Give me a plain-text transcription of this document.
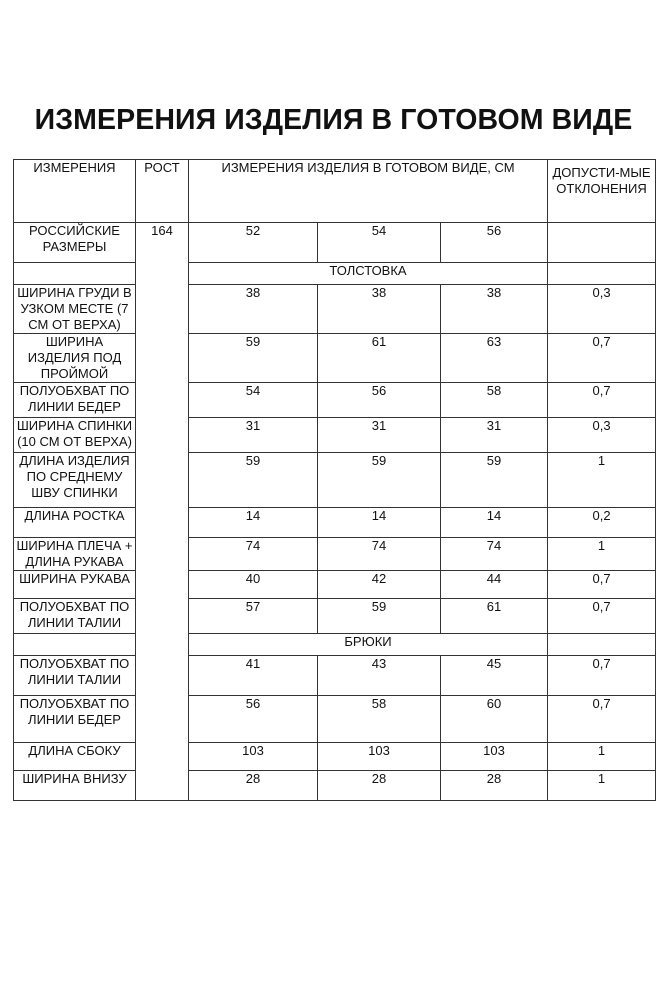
ИЗМЕРЕНИЯ ИЗДЕЛИЯ В ГОТОВОМ ВИДЕ
ИЗМЕРЕНИЯ	РОСТ	ИЗМЕРЕНИЯ ИЗДЕЛИЯ В ГОТОВОМ ВИДЕ, СМ			ДОПУСТИ-МЫЕ ОТКЛОНЕНИЯ
РОССИЙСКИЕ РАЗМЕРЫ	164	52	54	56	
		ТОЛСТОВКА			
ШИРИНА ГРУДИ В УЗКОМ МЕСТЕ (7 СМ ОТ ВЕРХА)		38	38	38	0,3
ШИРИНА ИЗДЕЛИЯ ПОД ПРОЙМОЙ		59	61	63	0,7
ПОЛУОБХВАТ ПО ЛИНИИ БЕДЕР		54	56	58	0,7
ШИРИНА СПИНКИ (10 СМ ОТ ВЕРХА)		31	31	31	0,3
ДЛИНА ИЗДЕЛИЯ ПО СРЕДНЕМУ ШВУ СПИНКИ		59	59	59	1
ДЛИНА РОСТКА		14	14	14	0,2
ШИРИНА ПЛЕЧА + ДЛИНА РУКАВА		74	74	74	1
ШИРИНА РУКАВА		40	42	44	0,7
ПОЛУОБХВАТ ПО ЛИНИИ ТАЛИИ		57	59	61	0,7
		БРЮКИ			
ПОЛУОБХВАТ ПО ЛИНИИ ТАЛИИ		41	43	45	0,7
ПОЛУОБХВАТ ПО ЛИНИИ БЕДЕР		56	58	60	0,7
ДЛИНА СБОКУ		103	103	103	1
ШИРИНА ВНИЗУ		28	28	28	1
